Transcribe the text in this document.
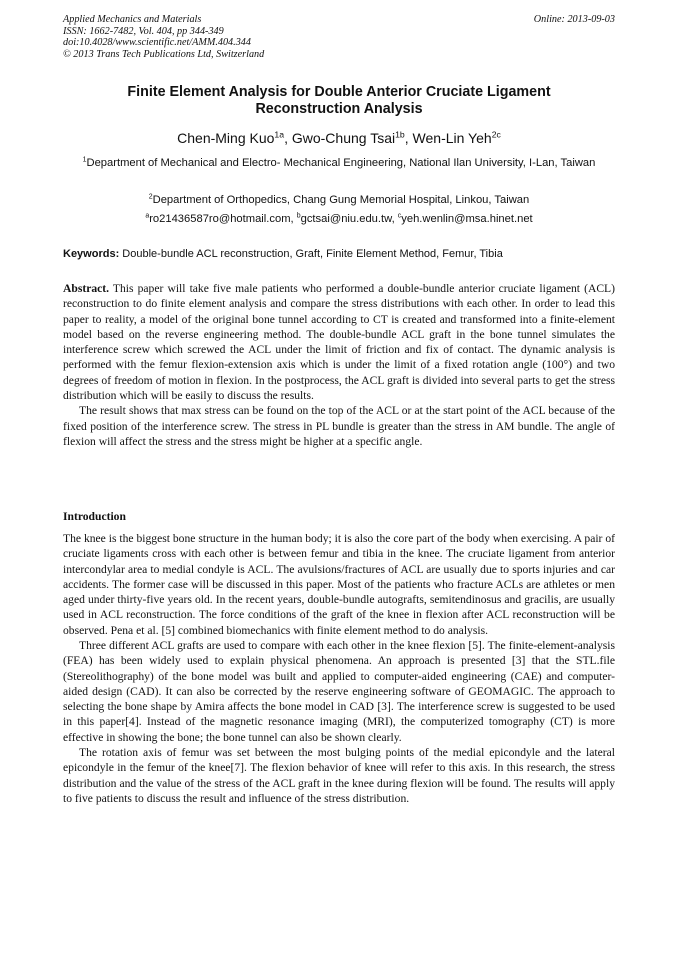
Applied Mechanics and Materials
ISSN: 1662-7482, Vol. 404, pp 344-349
doi:10.4028/www.scientific.net/AMM.404.344
© 2013 Trans Tech Publications Ltd, Switzerland
Online: 2013-09-03
Finite Element Analysis for Double Anterior Cruciate Ligament
Reconstruction Analysis
Chen-Ming Kuo$^{1a}$, Gwo-Chung Tsai$^{1b}$, Wen-Lin Yeh$^{2c}$
$^1$Department of Mechanical and Electro- Mechanical Engineering, National Ilan University, I-Lan, Taiwan
$^2$Department of Orthopedics, Chang Gung Memorial Hospital, Linkou, Taiwan
$^a$ro21436587ro@hotmail.com, $^b$gctsai@niu.edu.tw, $^c$yeh.wenlin@msa.hinet.net
Keywords: Double-bundle ACL reconstruction, Graft, Finite Element Method, Femur, Tibia

Abstract. This paper will take five male patients who performed a double-bundle anterior cruciate ligament (ACL) reconstruction to do finite element analysis and compare the stress distributions with each other. In order to lead this paper to reality, a model of the original bone tunnel according to CT is created and transformed into a finite-element model based on the reverse engineering method. The double-bundle ACL graft in the bone tunnel simulates the interference screw which screwed the ACL under the limit of friction and fix of contact. The dynamic analysis is performed with the femur flexion-extension axis which is under the limit of a fixed rotation angle (100°) and two degrees of freedom of motion in flexion. In the postprocess, the ACL graft is divided into several parts to get the stress distribution which will be easily to discuss the results.

The result shows that max stress can be found on the top of the ACL or at the start point of the ACL because of the fixed position of the interference screw. The stress in PL bundle is greater than the stress in AM bundle. The angle of flexion will affect the stress and the stress might be higher at a specific angle.

Introduction

The knee is the biggest bone structure in the human body; it is also the core part of the body when exercising. A pair of cruciate ligaments cross with each other is between femur and tibia in the knee. The cruciate ligament from anterior intercondylar area to medial condyle is ACL. The avulsions/fractures of ACL are usually due to sports injuries and car accidents. The former case will be discussed in this paper. Most of the patients who fracture ACLs are athletes or men aged under thirty-five years old. In the recent years, double-bundle autografts, semitendinosus and gracilis, are usually used in ACL reconstruction. The force conditions of the graft of the knee in flexion after ACL reconstruction will be observed. Pena et al. [5] combined biomechanics with finite element method to do analysis.

Three different ACL grafts are used to compare with each other in the knee flexion [5]. The finite-element-analysis (FEA) has been widely used to explain physical phenomena. An approach is presented [3] that the STL.file (Stereolithography) of the bone model was built and applied to computer-aided engineering (CAE) and computer-aided design (CAD). It can also be corrected by the reserve engineering software of GEOMAGIC. The approach to selecting the bone shape by Amira affects the bone model in CAD [3]. The interference screw is suggested to be used in this paper[4]. Instead of the magnetic resonance imaging (MRI), the computerized tomography (CT) is more effective in showing the bone; the bone tunnel can also be shown clearly.

The rotation axis of femur was set between the most bulging points of the medial epicondyle and the lateral epicondyle in the femur of the knee[7]. The flexion behavior of knee will refer to this axis. In this research, the stress distribution and the value of the stress of the ACL graft in the knee during flexion will be found. The results will apply to five patients to discuss the result and influence of the stress distribution.
